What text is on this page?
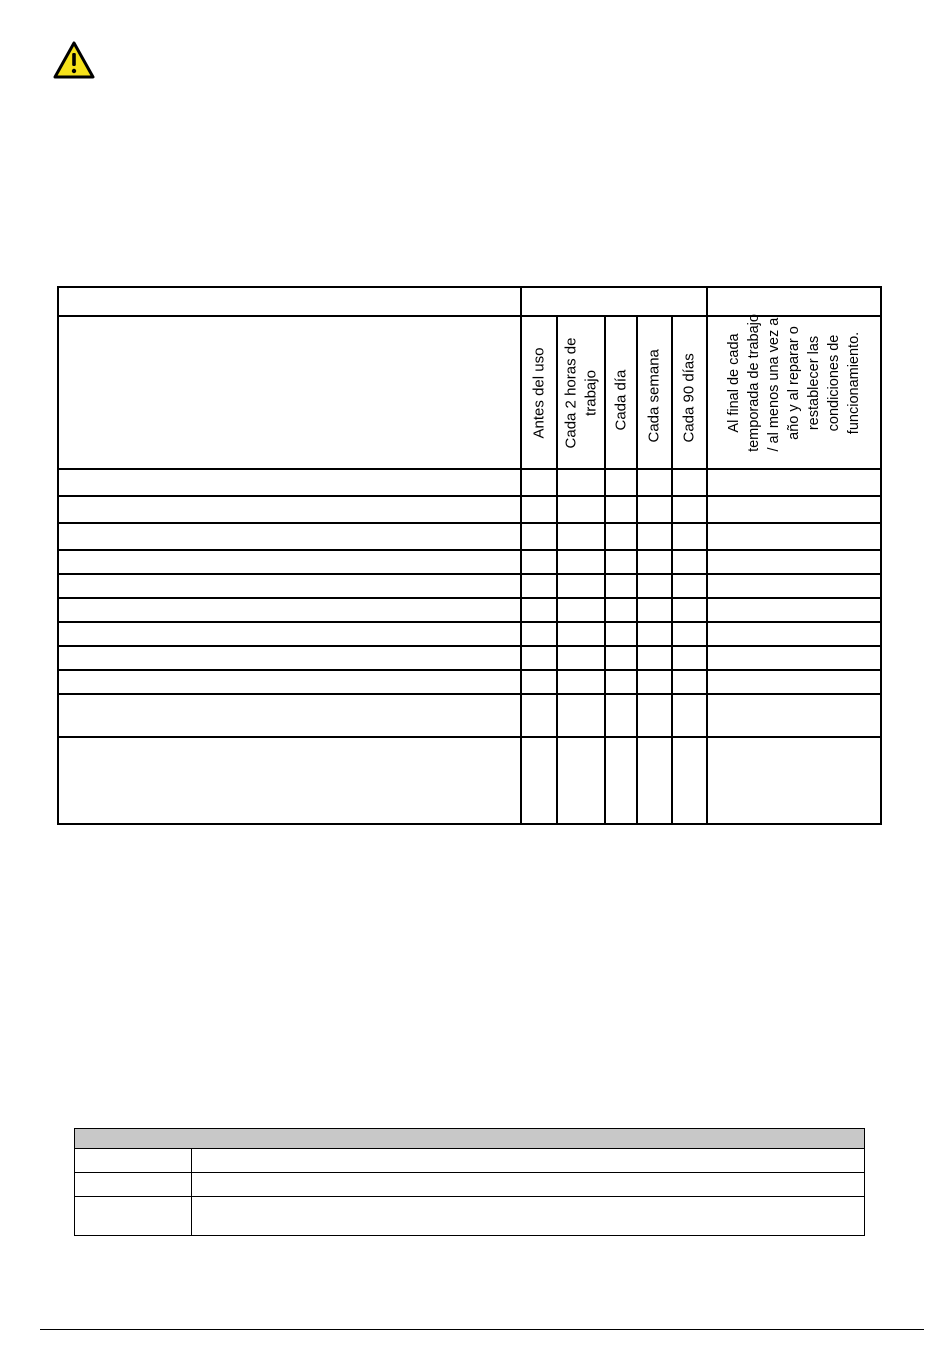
Antes del uso Cada 2 horas de trabajo Cada día Cada semana Cada 90 días Al final de cada temporada de trabajo / al menos una vez al año y al reparar o restablecer las condiciones de funcionamiento.
